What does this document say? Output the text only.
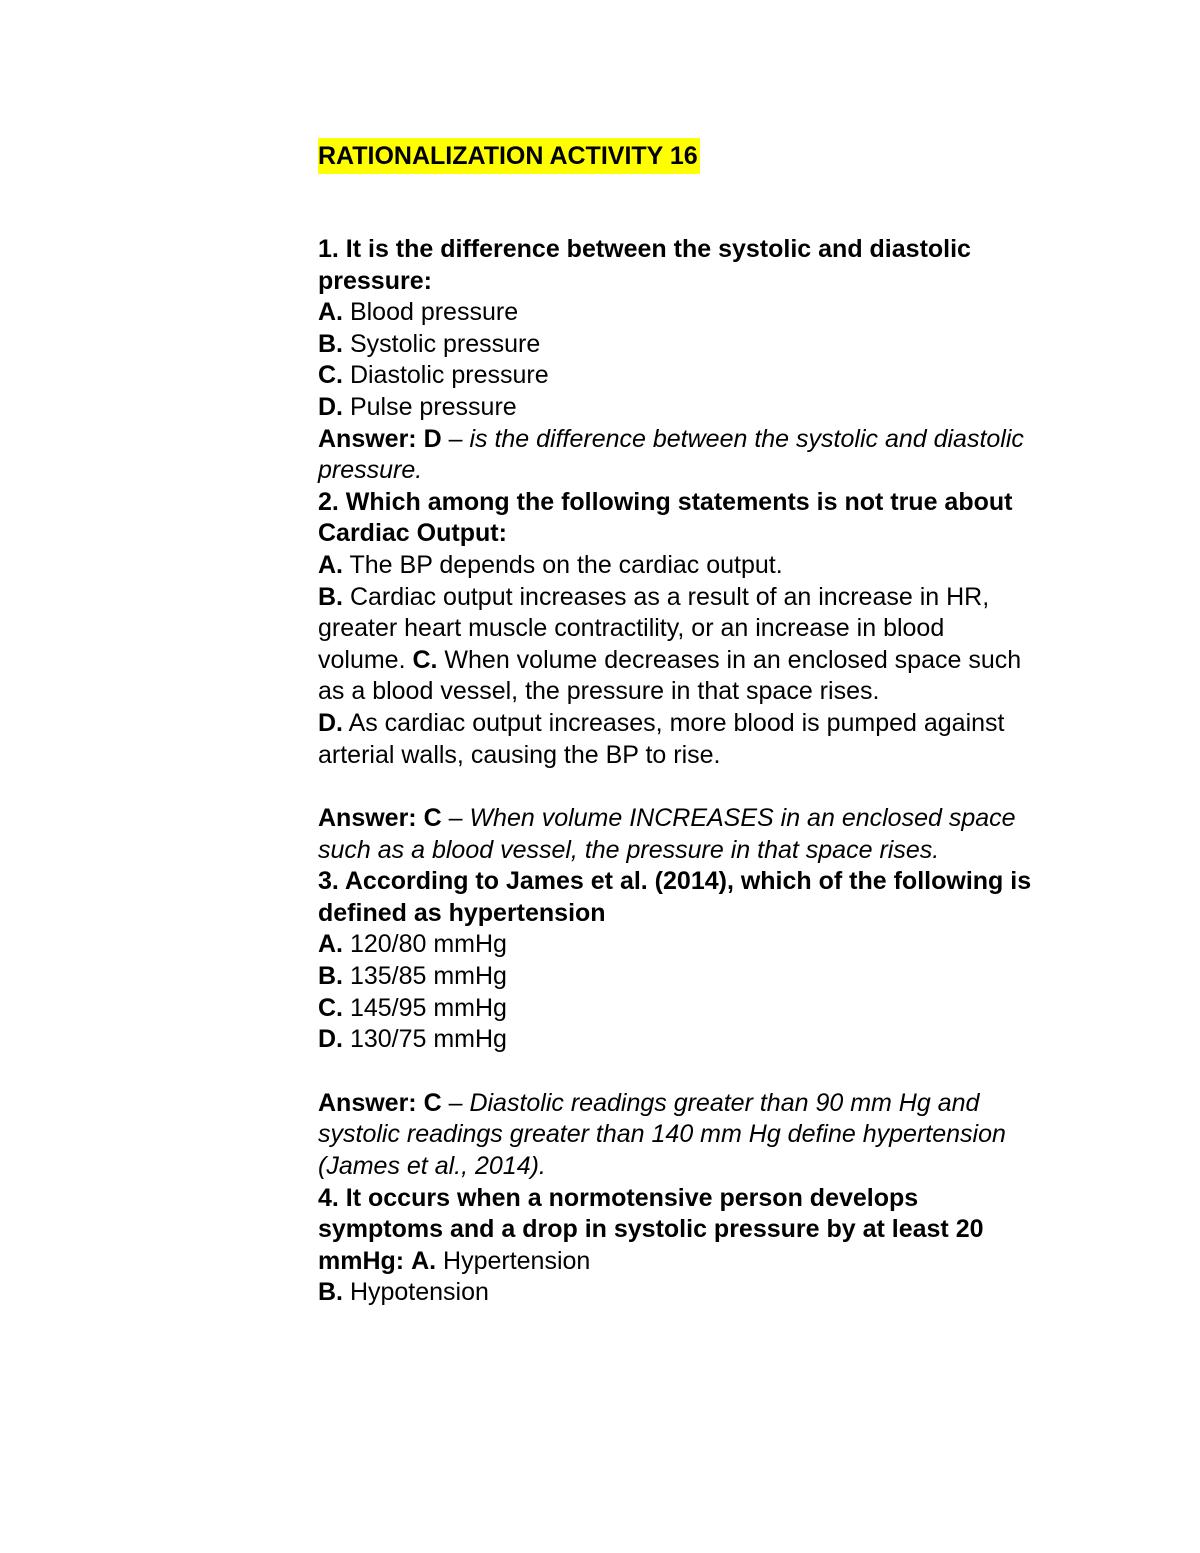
RATIONALIZATION ACTIVITY 16

1. It is the difference between the systolic and diastolic pressure:

A. Blood pressure

B. Systolic pressure

C. Diastolic pressure

D. Pulse pressure

Answer: D – is the difference between the systolic and diastolic pressure.

2. Which among the following statements is not true about Cardiac Output:

A. The BP depends on the cardiac output.

B. Cardiac output increases as a result of an increase in HR, greater heart muscle contractility, or an increase in blood volume. C. When volume decreases in an enclosed space such as a blood vessel, the pressure in that space rises.

D. As cardiac output increases, more blood is pumped against arterial walls, causing the BP to rise.

Answer: C – When volume INCREASES in an enclosed space such as a blood vessel, the pressure in that space rises.

3. According to James et al. (2014), which of the following is defined as hypertension

A. 120/80 mmHg

B. 135/85 mmHg

C. 145/95 mmHg

D. 130/75 mmHg

Answer: C – Diastolic readings greater than 90 mm Hg and systolic readings greater than 140 mm Hg define hypertension (James et al., 2014).

4. It occurs when a normotensive person develops symptoms and a drop in systolic pressure by at least 20 mmHg: A. Hypertension

B. Hypotension
